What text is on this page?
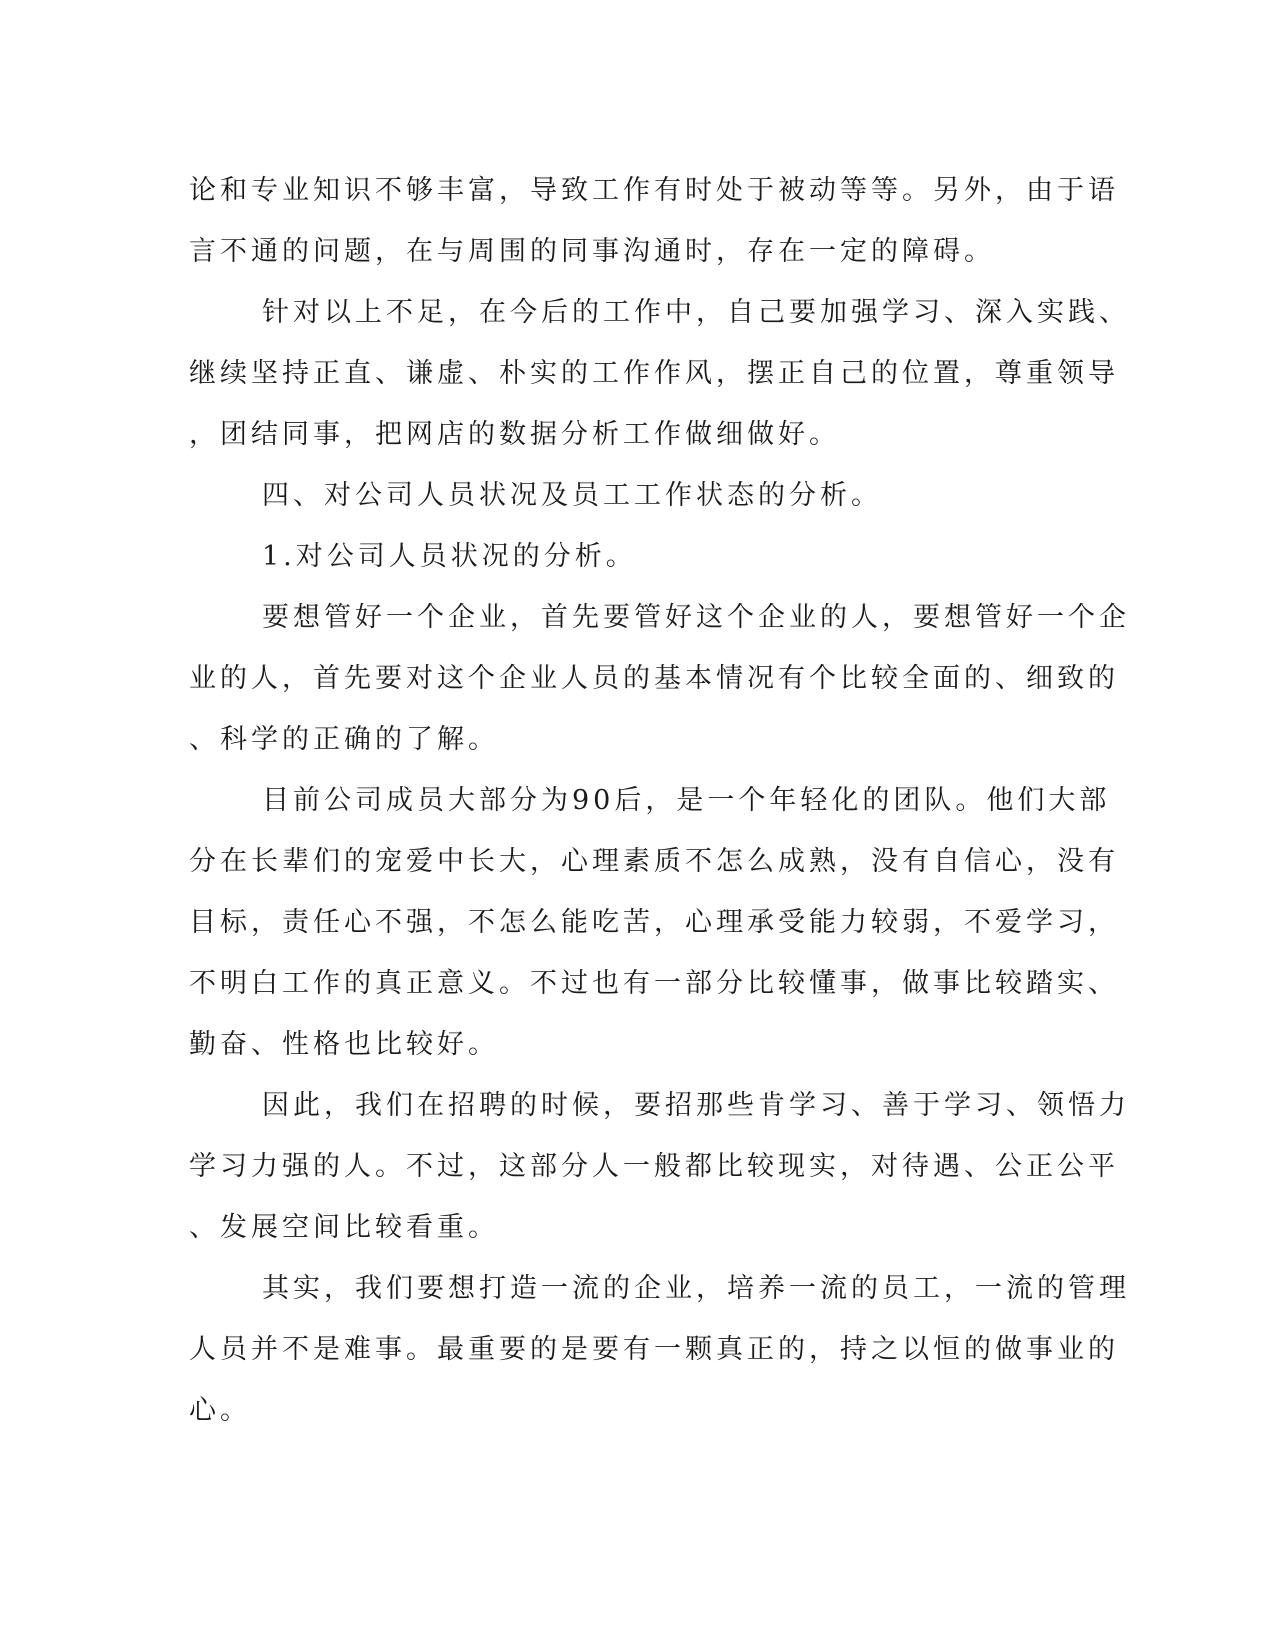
论和专业知识不够丰富，导致工作有时处于被动等等。另外，由于语
言不通的问题，在与周围的同事沟通时，存在一定的障碍。
针对以上不足，在今后的工作中，自己要加强学习、深入实践、
继续坚持正直、谦虚、朴实的工作作风，摆正自己的位置，尊重领导
，团结同事，把网店的数据分析工作做细做好。
四、对公司人员状况及员工工作状态的分析。
1.对公司人员状况的分析。
要想管好一个企业，首先要管好这个企业的人，要想管好一个企
业的人，首先要对这个企业人员的基本情况有个比较全面的、细致的
、科学的正确的了解。
目前公司成员大部分为90后，是一个年轻化的团队。他们大部
分在长辈们的宠爱中长大，心理素质不怎么成熟，没有自信心，没有
目标，责任心不强，不怎么能吃苦，心理承受能力较弱，不爱学习，
不明白工作的真正意义。不过也有一部分比较懂事，做事比较踏实、
勤奋、性格也比较好。
因此，我们在招聘的时候，要招那些肯学习、善于学习、领悟力
学习力强的人。不过，这部分人一般都比较现实，对待遇、公正公平
、发展空间比较看重。
其实，我们要想打造一流的企业，培养一流的员工，一流的管理
人员并不是难事。最重要的是要有一颗真正的，持之以恒的做事业的
心。
